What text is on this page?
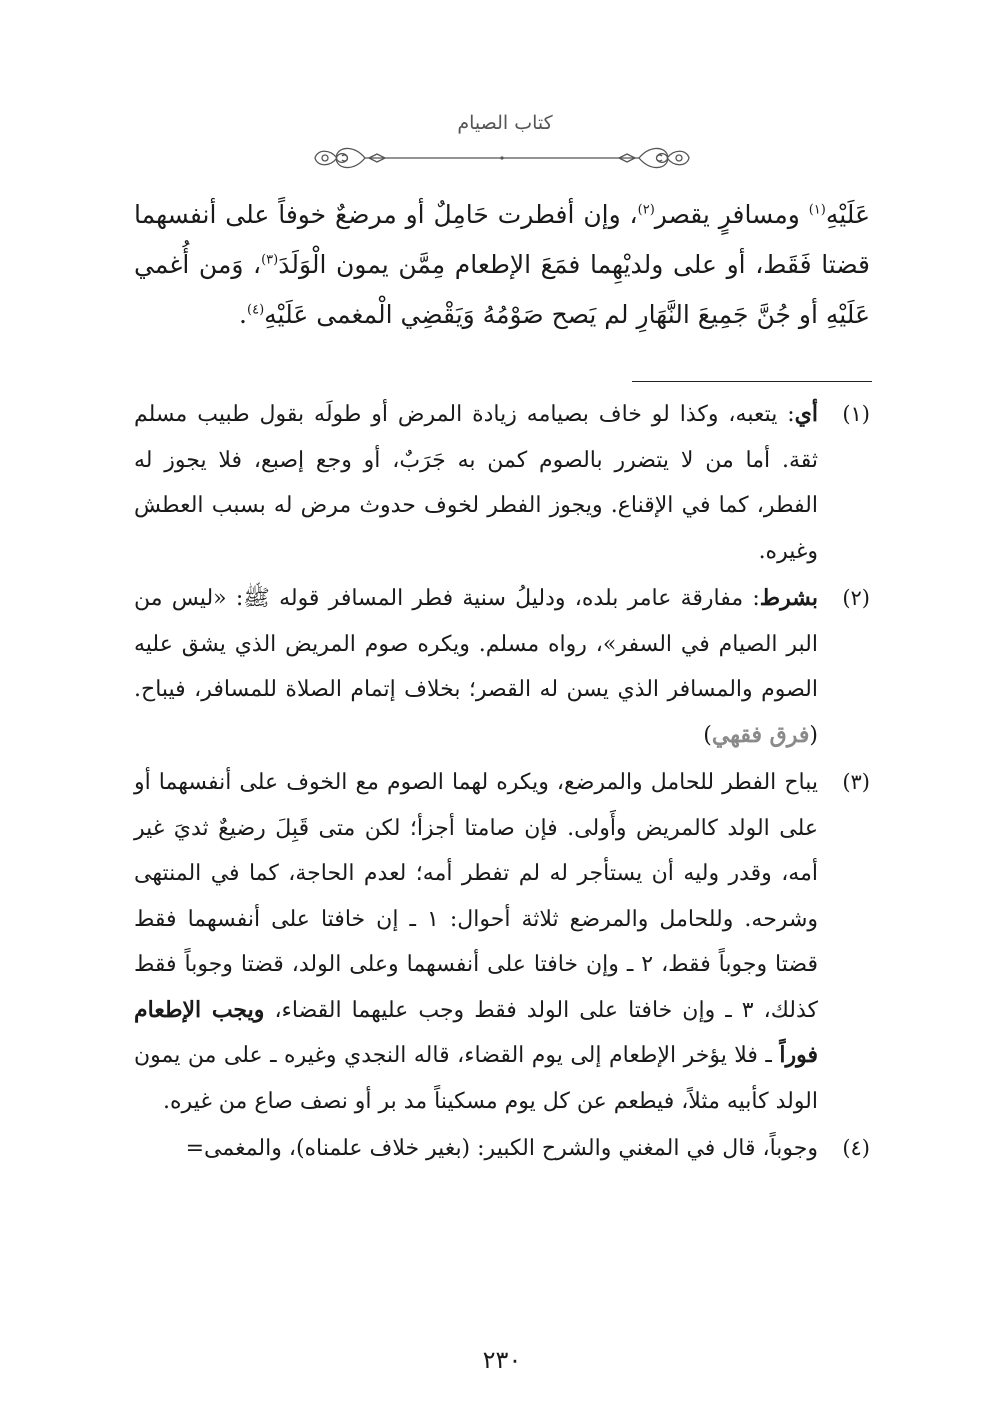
كتاب الصيام

عَلَيْهِ$^{(١)}$ ومسافرٍ يقصر$^{(٢)}$، وإن أفطرت حَامِلٌ أو مرضعٌ خوفاً على أنفسهما قضتا فَقَط، أو على ولديْهِما فمَعَ الإطعام مِمَّن يمون الْوَلَدَ$^{(٣)}$، وَمن أُغمي عَلَيْهِ أو جُنَّ جَمِيعَ النَّهَارِ لم يَصح صَوْمُهُ وَيَقْضِي الْمغمى عَلَيْهِ$^{(٤)}$.

(١)
أي: يتعبه، وكذا لو خاف بصيامه زيادة المرض أو طولَه بقول طبيب مسلم ثقة. أما من لا يتضرر بالصوم كمن به جَرَبٌ، أو وجع إصبع، فلا يجوز له الفطر، كما في الإقناع. ويجوز الفطر لخوف حدوث مرض له بسبب العطش وغيره.
(٢)
بشرط: مفارقة عامر بلده، ودليلُ سنية فطر المسافر قوله ﷺ: «ليس من البر الصيام في السفر»، رواه مسلم. ويكره صوم المريض الذي يشق عليه الصوم والمسافر الذي يسن له القصر؛ بخلاف إتمام الصلاة للمسافر، فيباح. (فرق فقهي)
(٣)
يباح الفطر للحامل والمرضع، ويكره لهما الصوم مع الخوف على أنفسهما أو على الولد كالمريض وأَولى. فإن صامتا أجزأ؛ لكن متى قَبِلَ رضيعٌ ثديَ غير أمه، وقدر وليه أن يستأجر له لم تفطر أمه؛ لعدم الحاجة، كما في المنتهى وشرحه. وللحامل والمرضع ثلاثة أحوال: ١ ـ إن خافتا على أنفسهما فقط قضتا وجوباً فقط، ٢ ـ وإن خافتا على أنفسهما وعلى الولد، قضتا وجوباً فقط كذلك، ٣ ـ وإن خافتا على الولد فقط وجب عليهما القضاء، ويجب الإطعام فوراً ـ فلا يؤخر الإطعام إلى يوم القضاء، قاله النجدي وغيره ـ على من يمون الولد كأبيه مثلاً، فيطعم عن كل يوم مسكيناً مد بر أو نصف صاع من غيره.
(٤)
وجوباً، قال في المغني والشرح الكبير: (بغير خلاف علمناه)، والمغمى=
٢٣٠
